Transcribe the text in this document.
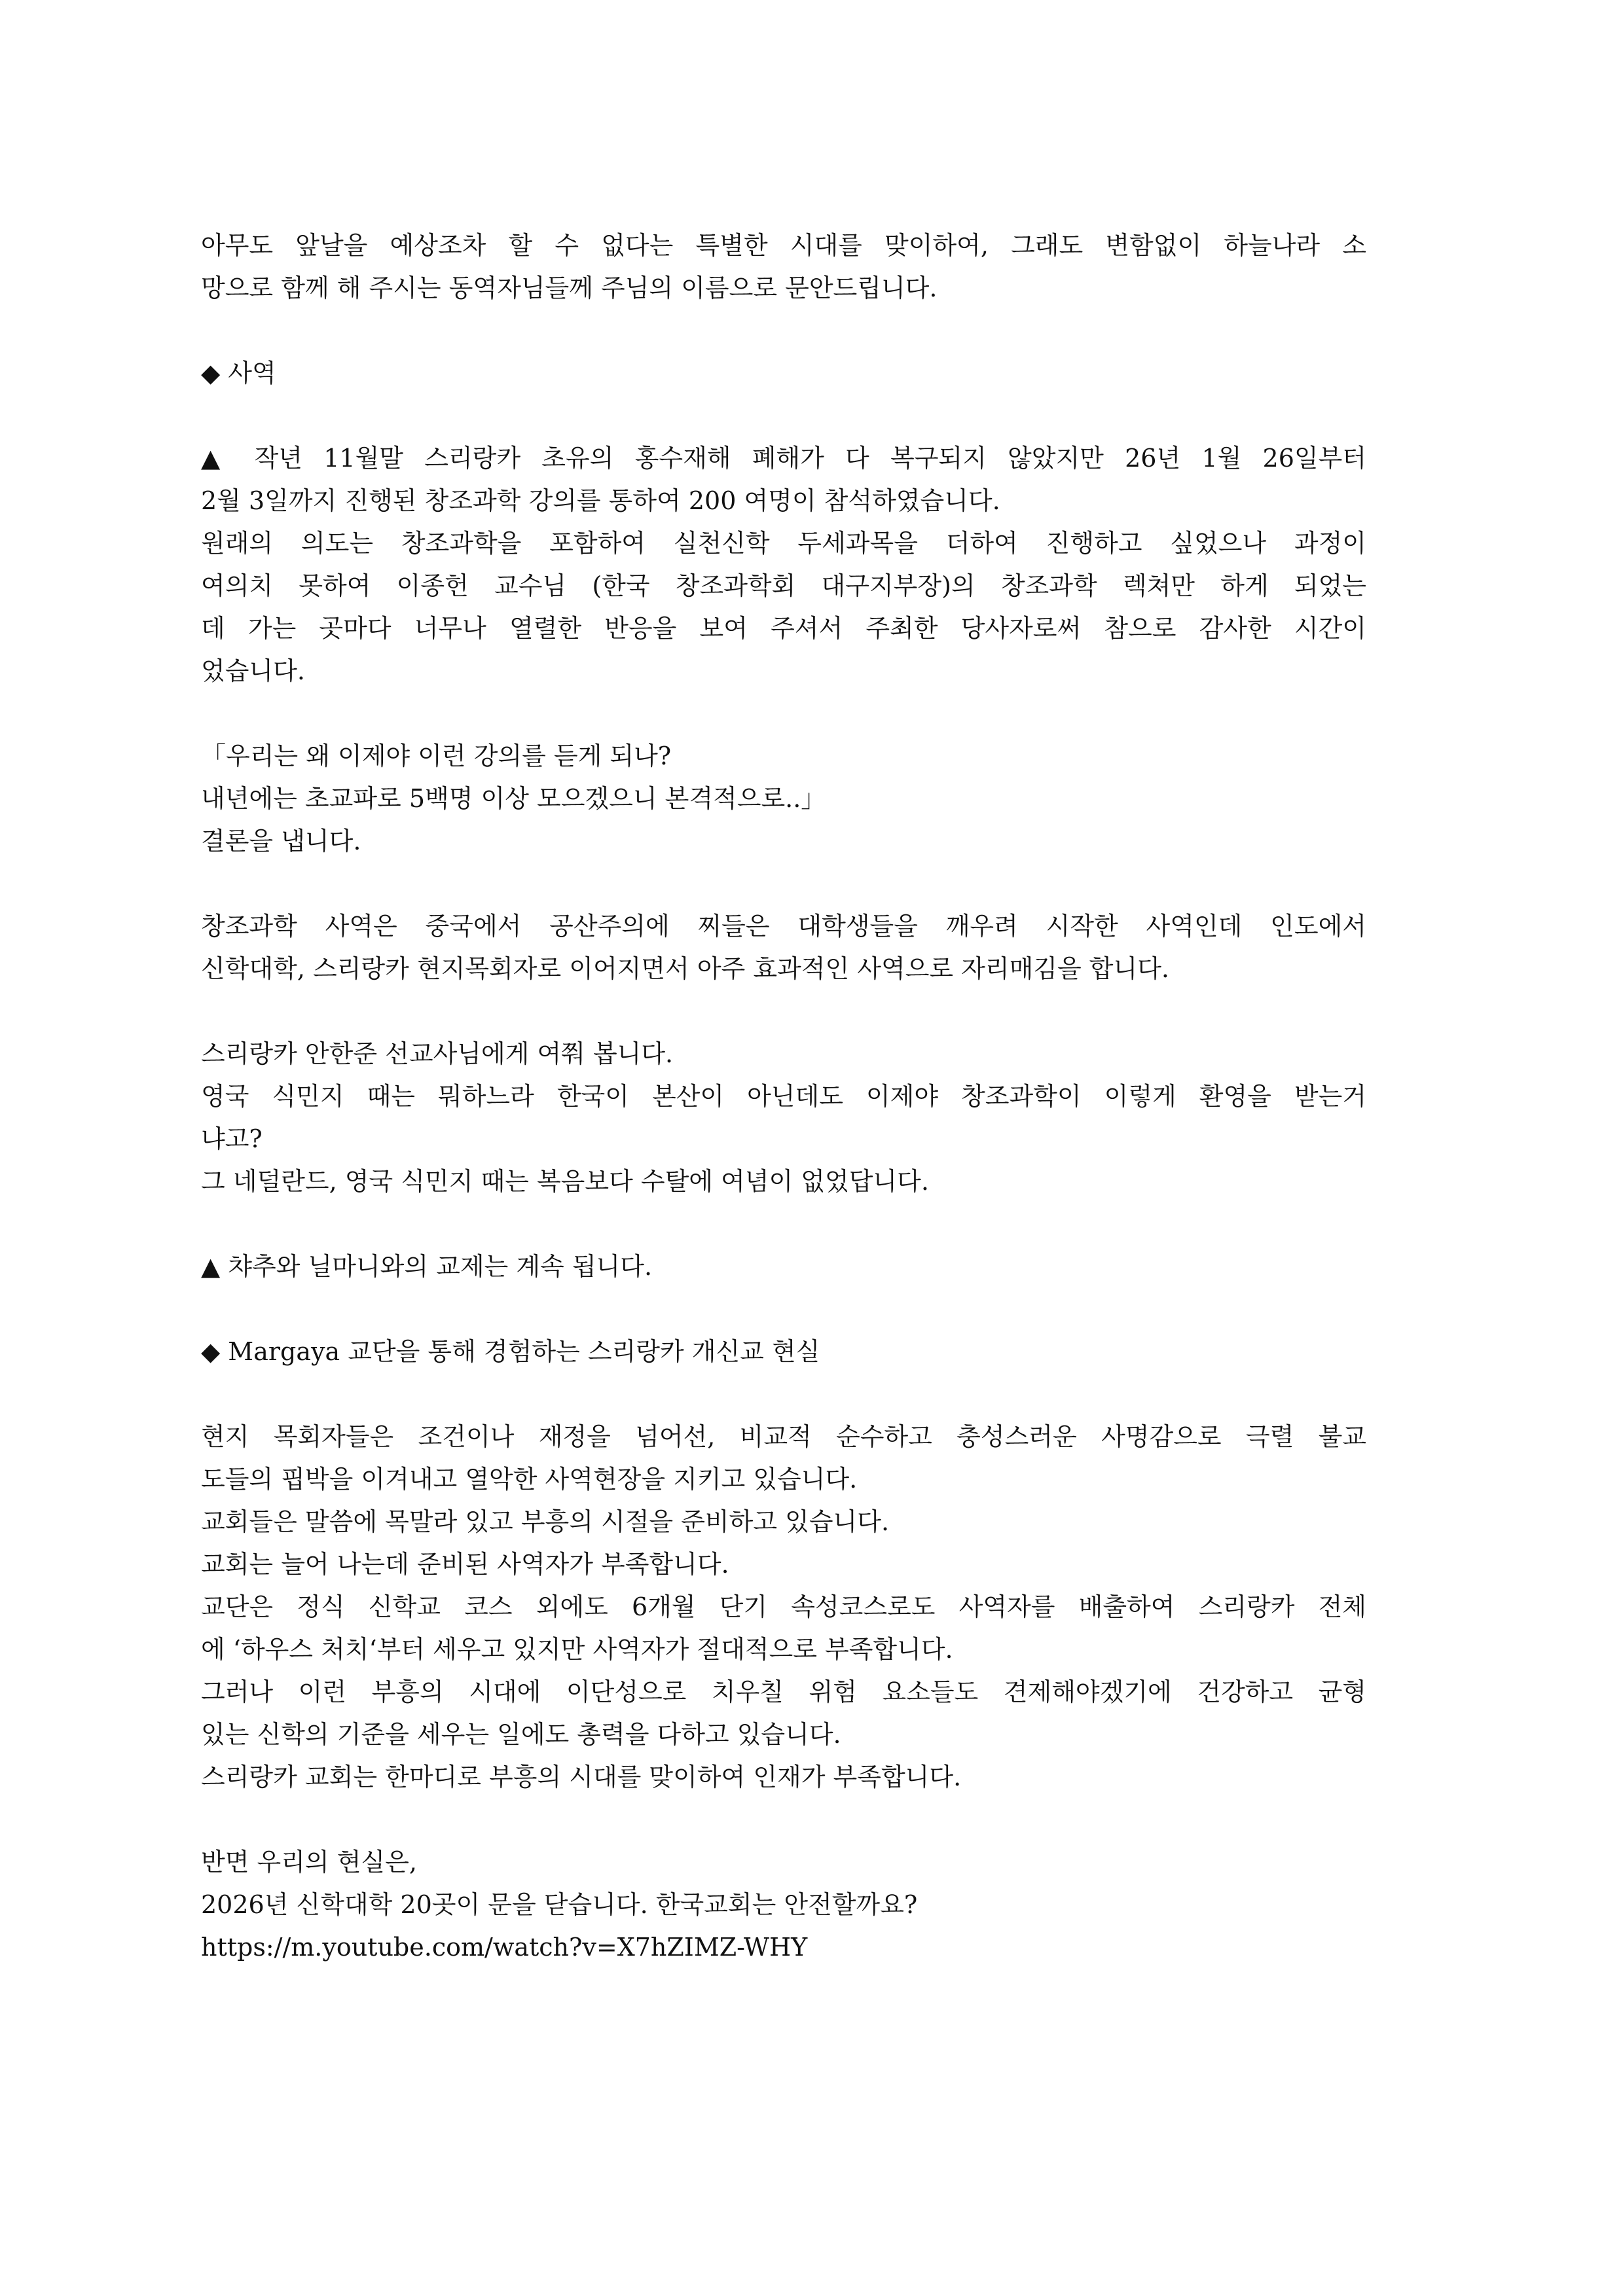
아무도 앞날을 예상조차 할 수 없다는 특별한 시대를 맞이하여, 그래도 변함없이 하늘나라 소
망으로 함께 해 주시는 동역자님들께 주님의 이름으로 문안드립니다.
◆ 사역
▲ 작년 11월말 스리랑카 초유의 홍수재해 폐해가 다 복구되지 않았지만 26년 1월 26일부터
2월 3일까지 진행된 창조과학 강의를 통하여 200 여명이 참석하였습니다.
원래의 의도는 창조과학을 포함하여 실천신학 두세과목을 더하여 진행하고 싶었으나 과정이
여의치 못하여 이종헌 교수님 (한국 창조과학회 대구지부장)의 창조과학 렉쳐만 하게 되었는
데 가는 곳마다 너무나 열렬한 반응을 보여 주셔서 주최한 당사자로써 참으로 감사한 시간이
었습니다.
「우리는 왜 이제야 이런 강의를 듣게 되나?
내년에는 초교파로 5백명 이상 모으겠으니 본격적으로..」
결론을 냅니다.
창조과학 사역은 중국에서 공산주의에 찌들은 대학생들을 깨우려 시작한 사역인데 인도에서
신학대학, 스리랑카 현지목회자로 이어지면서 아주 효과적인 사역으로 자리매김을 합니다.
스리랑카 안한준 선교사님에게 여쭤 봅니다.
영국 식민지 때는 뭐하느라 한국이 본산이 아닌데도 이제야 창조과학이 이렇게 환영을 받는거
냐고?
그 네덜란드, 영국 식민지 때는 복음보다 수탈에 여념이 없었답니다.
▲ 챠추와 닐마니와의 교제는 계속 됩니다.
◆ Margaya 교단을 통해 경험하는 스리랑카 개신교 현실
현지 목회자들은 조건이나 재정을 넘어선, 비교적 순수하고 충성스러운 사명감으로 극렬 불교
도들의 핍박을 이겨내고 열악한 사역현장을 지키고 있습니다.
교회들은 말씀에 목말라 있고 부흥의 시절을 준비하고 있습니다.
교회는 늘어 나는데 준비된 사역자가 부족합니다.
교단은 정식 신학교 코스 외에도 6개월 단기 속성코스로도 사역자를 배출하여 스리랑카 전체
에 ‘하우스 처치‘부터 세우고 있지만 사역자가 절대적으로 부족합니다.
그러나 이런 부흥의 시대에 이단성으로 치우칠 위험 요소들도 견제해야겠기에 건강하고 균형
있는 신학의 기준을 세우는 일에도 총력을 다하고 있습니다.
스리랑카 교회는 한마디로 부흥의 시대를 맞이하여 인재가 부족합니다.
반면 우리의 현실은,
2026년 신학대학 20곳이 문을 닫습니다. 한국교회는 안전할까요?
https://m.youtube.com/watch?v=X7hZIMZ-WHY
